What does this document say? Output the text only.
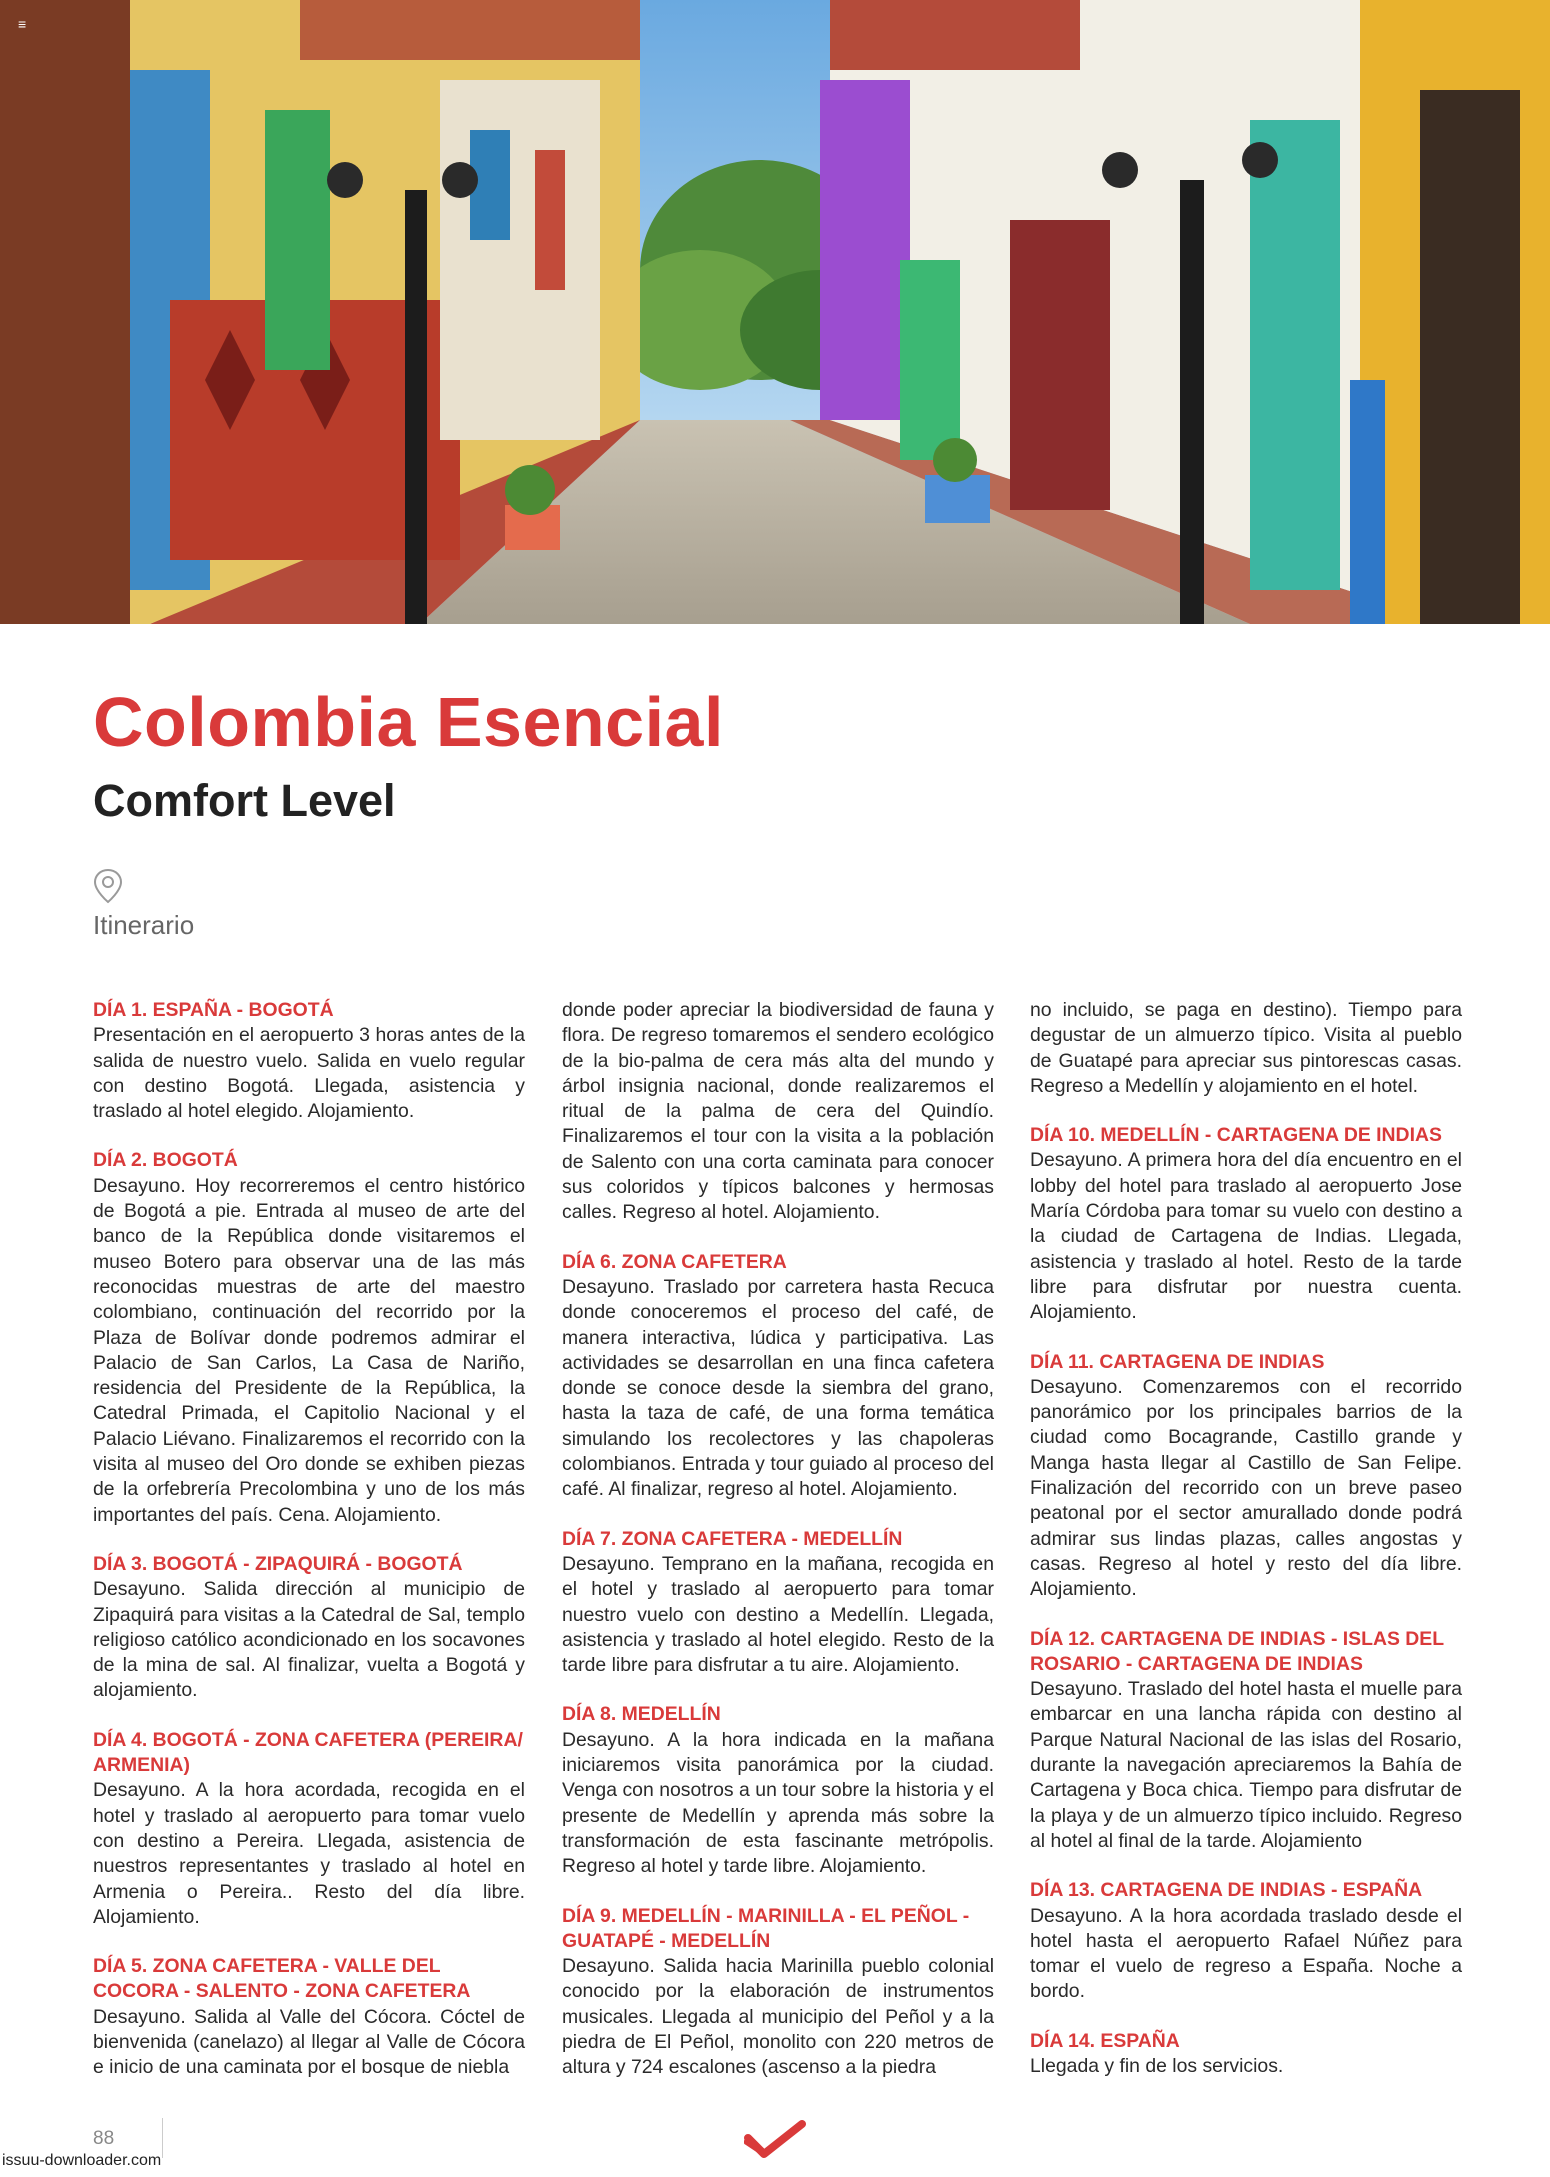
≡
Colombia Esencial
Comfort Level
Itinerario
DÍA 1. ESPAÑA - BOGOTÁ

Presentación en el aeropuerto 3 horas antes de la salida de nuestro vuelo. Salida en vuelo regular con destino Bogotá. Llegada, asistencia y traslado al hotel elegido. Alojamiento.

DÍA 2. BOGOTÁ

Desayuno. Hoy recorreremos el centro histórico de Bogotá a pie. Entrada al museo de arte del banco de la República donde visitaremos el museo Botero para observar una de las más reconocidas muestras de arte del maestro colombiano, continuación del recorrido por la Plaza de Bolívar donde podremos admirar el Palacio de San Carlos, La Casa de Nariño, residencia del Presidente de la República, la Catedral Primada, el Capitolio Nacional y el Palacio Liévano. Finalizaremos el recorrido con la visita al museo del Oro donde se exhiben piezas de la orfebrería Precolombina y uno de los más importantes del país. Cena. Alojamiento.

DÍA 3. BOGOTÁ - ZIPAQUIRÁ - BOGOTÁ

Desayuno. Salida dirección al municipio de Zipaquirá para visitas a la Catedral de Sal, templo religioso católico acondicionado en los socavones de la mina de sal. Al finalizar, vuelta a Bogotá y alojamiento.

DÍA 4. BOGOTÁ - ZONA CAFETERA (PEREIRA/ ARMENIA)

Desayuno. A la hora acordada, recogida en el hotel y traslado al aeropuerto para tomar vuelo con destino a Pereira. Llegada, asistencia de nuestros representantes y traslado al hotel en Armenia o Pereira.. Resto del día libre. Alojamiento.

DÍA 5. ZONA CAFETERA - VALLE DEL COCORA - SALENTO - ZONA CAFETERA

Desayuno. Salida al Valle del Cócora. Cóctel de bienvenida (canelazo) al llegar al Valle de Cócora e inicio de una caminata por el bosque de niebla

donde poder apreciar la biodiversidad de fauna y flora. De regreso tomaremos el sendero ecológico de la bio-palma de cera más alta del mundo y árbol insignia nacional, donde realizaremos el ritual de la palma de cera del Quindío. Finalizaremos el tour con la visita a la población de Salento con una corta caminata para conocer sus coloridos y típicos balcones y hermosas calles. Regreso al hotel. Alojamiento.

DÍA 6. ZONA CAFETERA

Desayuno. Traslado por carretera hasta Recuca donde conoceremos el proceso del café, de manera interactiva, lúdica y participativa. Las actividades se desarrollan en una finca cafetera donde se conoce desde la siembra del grano, hasta la taza de café, de una forma temática simulando los recolectores y las chapoleras colombianos. Entrada y tour guiado al proceso del café. Al finalizar, regreso al hotel. Alojamiento.

DÍA 7. ZONA CAFETERA - MEDELLÍN

Desayuno. Temprano en la mañana, recogida en el hotel y traslado al aeropuerto para tomar nuestro vuelo con destino a Medellín. Llegada, asistencia y traslado al hotel elegido. Resto de la tarde libre para disfrutar a tu aire. Alojamiento.

DÍA 8. MEDELLÍN

Desayuno. A la hora indicada en la mañana iniciaremos visita panorámica por la ciudad. Venga con nosotros a un tour sobre la historia y el presente de Medellín y aprenda más sobre la transformación de esta fascinante metrópolis. Regreso al hotel y tarde libre. Alojamiento.

DÍA 9. MEDELLÍN - MARINILLA - EL PEÑOL - GUATAPÉ - MEDELLÍN

Desayuno. Salida hacia Marinilla pueblo colonial conocido por la elaboración de instrumentos musicales. Llegada al municipio del Peñol y a la piedra de El Peñol, monolito con 220 metros de altura y 724 escalones (ascenso a la piedra

no incluido, se paga en destino). Tiempo para degustar de un almuerzo típico. Visita al pueblo de Guatapé para apreciar sus pintorescas casas. Regreso a Medellín y alojamiento en el hotel.

DÍA 10. MEDELLÍN - CARTAGENA DE INDIAS

Desayuno. A primera hora del día encuentro en el lobby del hotel para traslado al aeropuerto Jose María Córdoba para tomar su vuelo con destino a la ciudad de Cartagena de Indias. Llegada, asistencia y traslado al hotel. Resto de la tarde libre para disfrutar por nuestra cuenta. Alojamiento.

DÍA 11. CARTAGENA DE INDIAS

Desayuno. Comenzaremos con el recorrido panorámico por los principales barrios de la ciudad como Bocagrande, Castillo grande y Manga hasta llegar al Castillo de San Felipe. Finalización del recorrido con un breve paseo peatonal por el sector amurallado donde podrá admirar sus lindas plazas, calles angostas y casas. Regreso al hotel y resto del día libre. Alojamiento.

DÍA 12. CARTAGENA DE INDIAS - ISLAS DEL ROSARIO - CARTAGENA DE INDIAS

Desayuno. Traslado del hotel hasta el muelle para embarcar en una lancha rápida con destino al Parque Natural Nacional de las islas del Rosario, durante la navegación apreciaremos la Bahía de Cartagena y Boca chica. Tiempo para disfrutar de la playa y de un almuerzo típico incluido. Regreso al hotel al final de la tarde. Alojamiento

DÍA 13. CARTAGENA DE INDIAS - ESPAÑA

Desayuno. A la hora acordada traslado desde el hotel hasta el aeropuerto Rafael Núñez para tomar el vuelo de regreso a España. Noche a bordo.

DÍA 14. ESPAÑA

Llegada y fin de los servicios.

88
issuu-downloader.com
